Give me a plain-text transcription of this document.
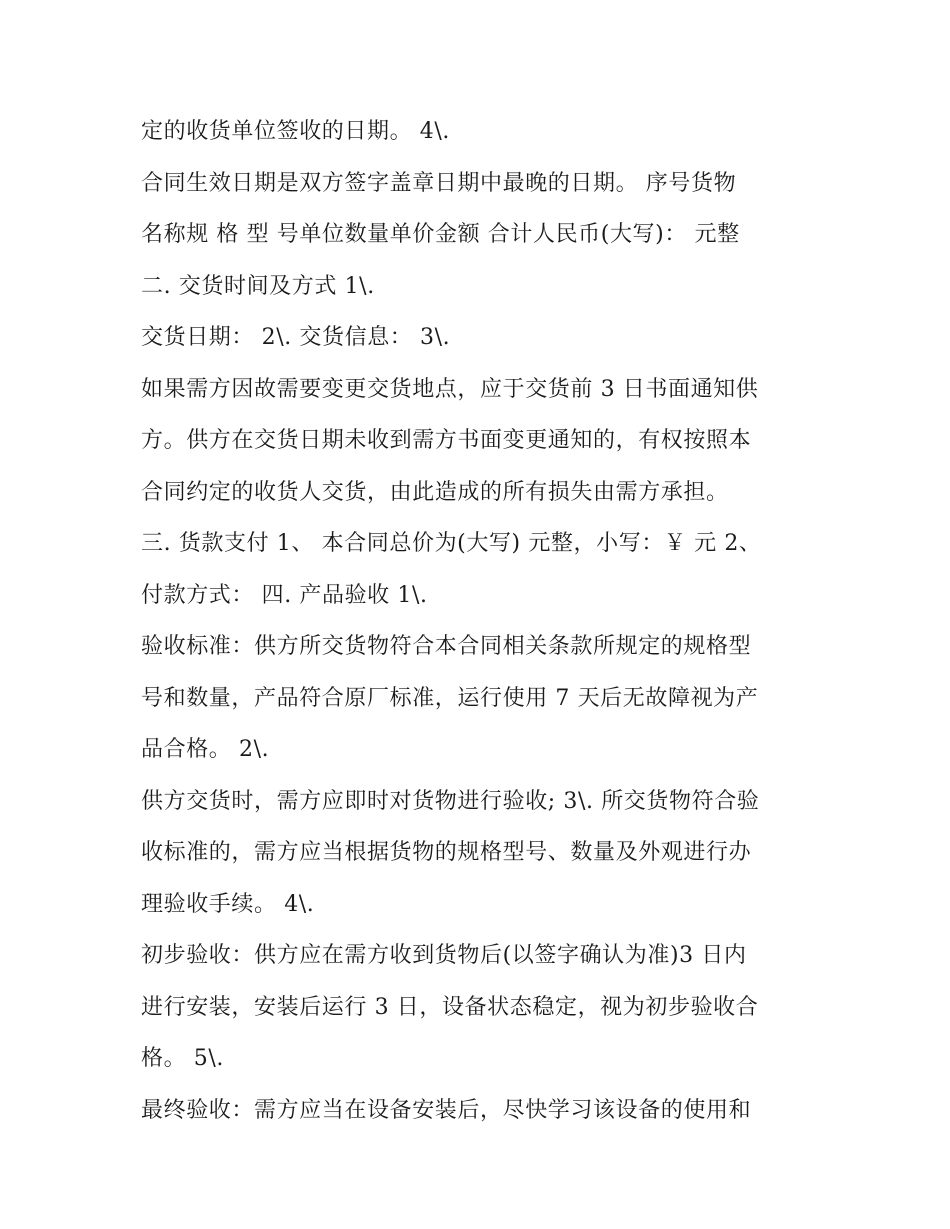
定的收货单位签收的日期。 4\.
合同生效日期是双方签字盖章日期中最晚的日期。 序号货物
名称规 格 型 号单位数量单价金额 合计人民币(大写)： 元整
二. 交货时间及方式 1\.
交货日期： 2\. 交货信息： 3\.
如果需方因故需要变更交货地点，应于交货前 3 日书面通知供
方。供方在交货日期未收到需方书面变更通知的，有权按照本
合同约定的收货人交货，由此造成的所有损失由需方承担。
三. 货款支付 1、 本合同总价为(大写) 元整，小写：￥ 元 2、
付款方式： 四. 产品验收 1\.
验收标准：供方所交货物符合本合同相关条款所规定的规格型
号和数量，产品符合原厂标准，运行使用 7 天后无故障视为产
品合格。 2\.
供方交货时，需方应即时对货物进行验收; 3\. 所交货物符合验
收标准的，需方应当根据货物的规格型号、数量及外观进行办
理验收手续。 4\.
初步验收：供方应在需方收到货物后(以签字确认为准)3 日内
进行安装，安装后运行 3 日，设备状态稳定，视为初步验收合
格。 5\.
最终验收：需方应当在设备安装后，尽快学习该设备的使用和
